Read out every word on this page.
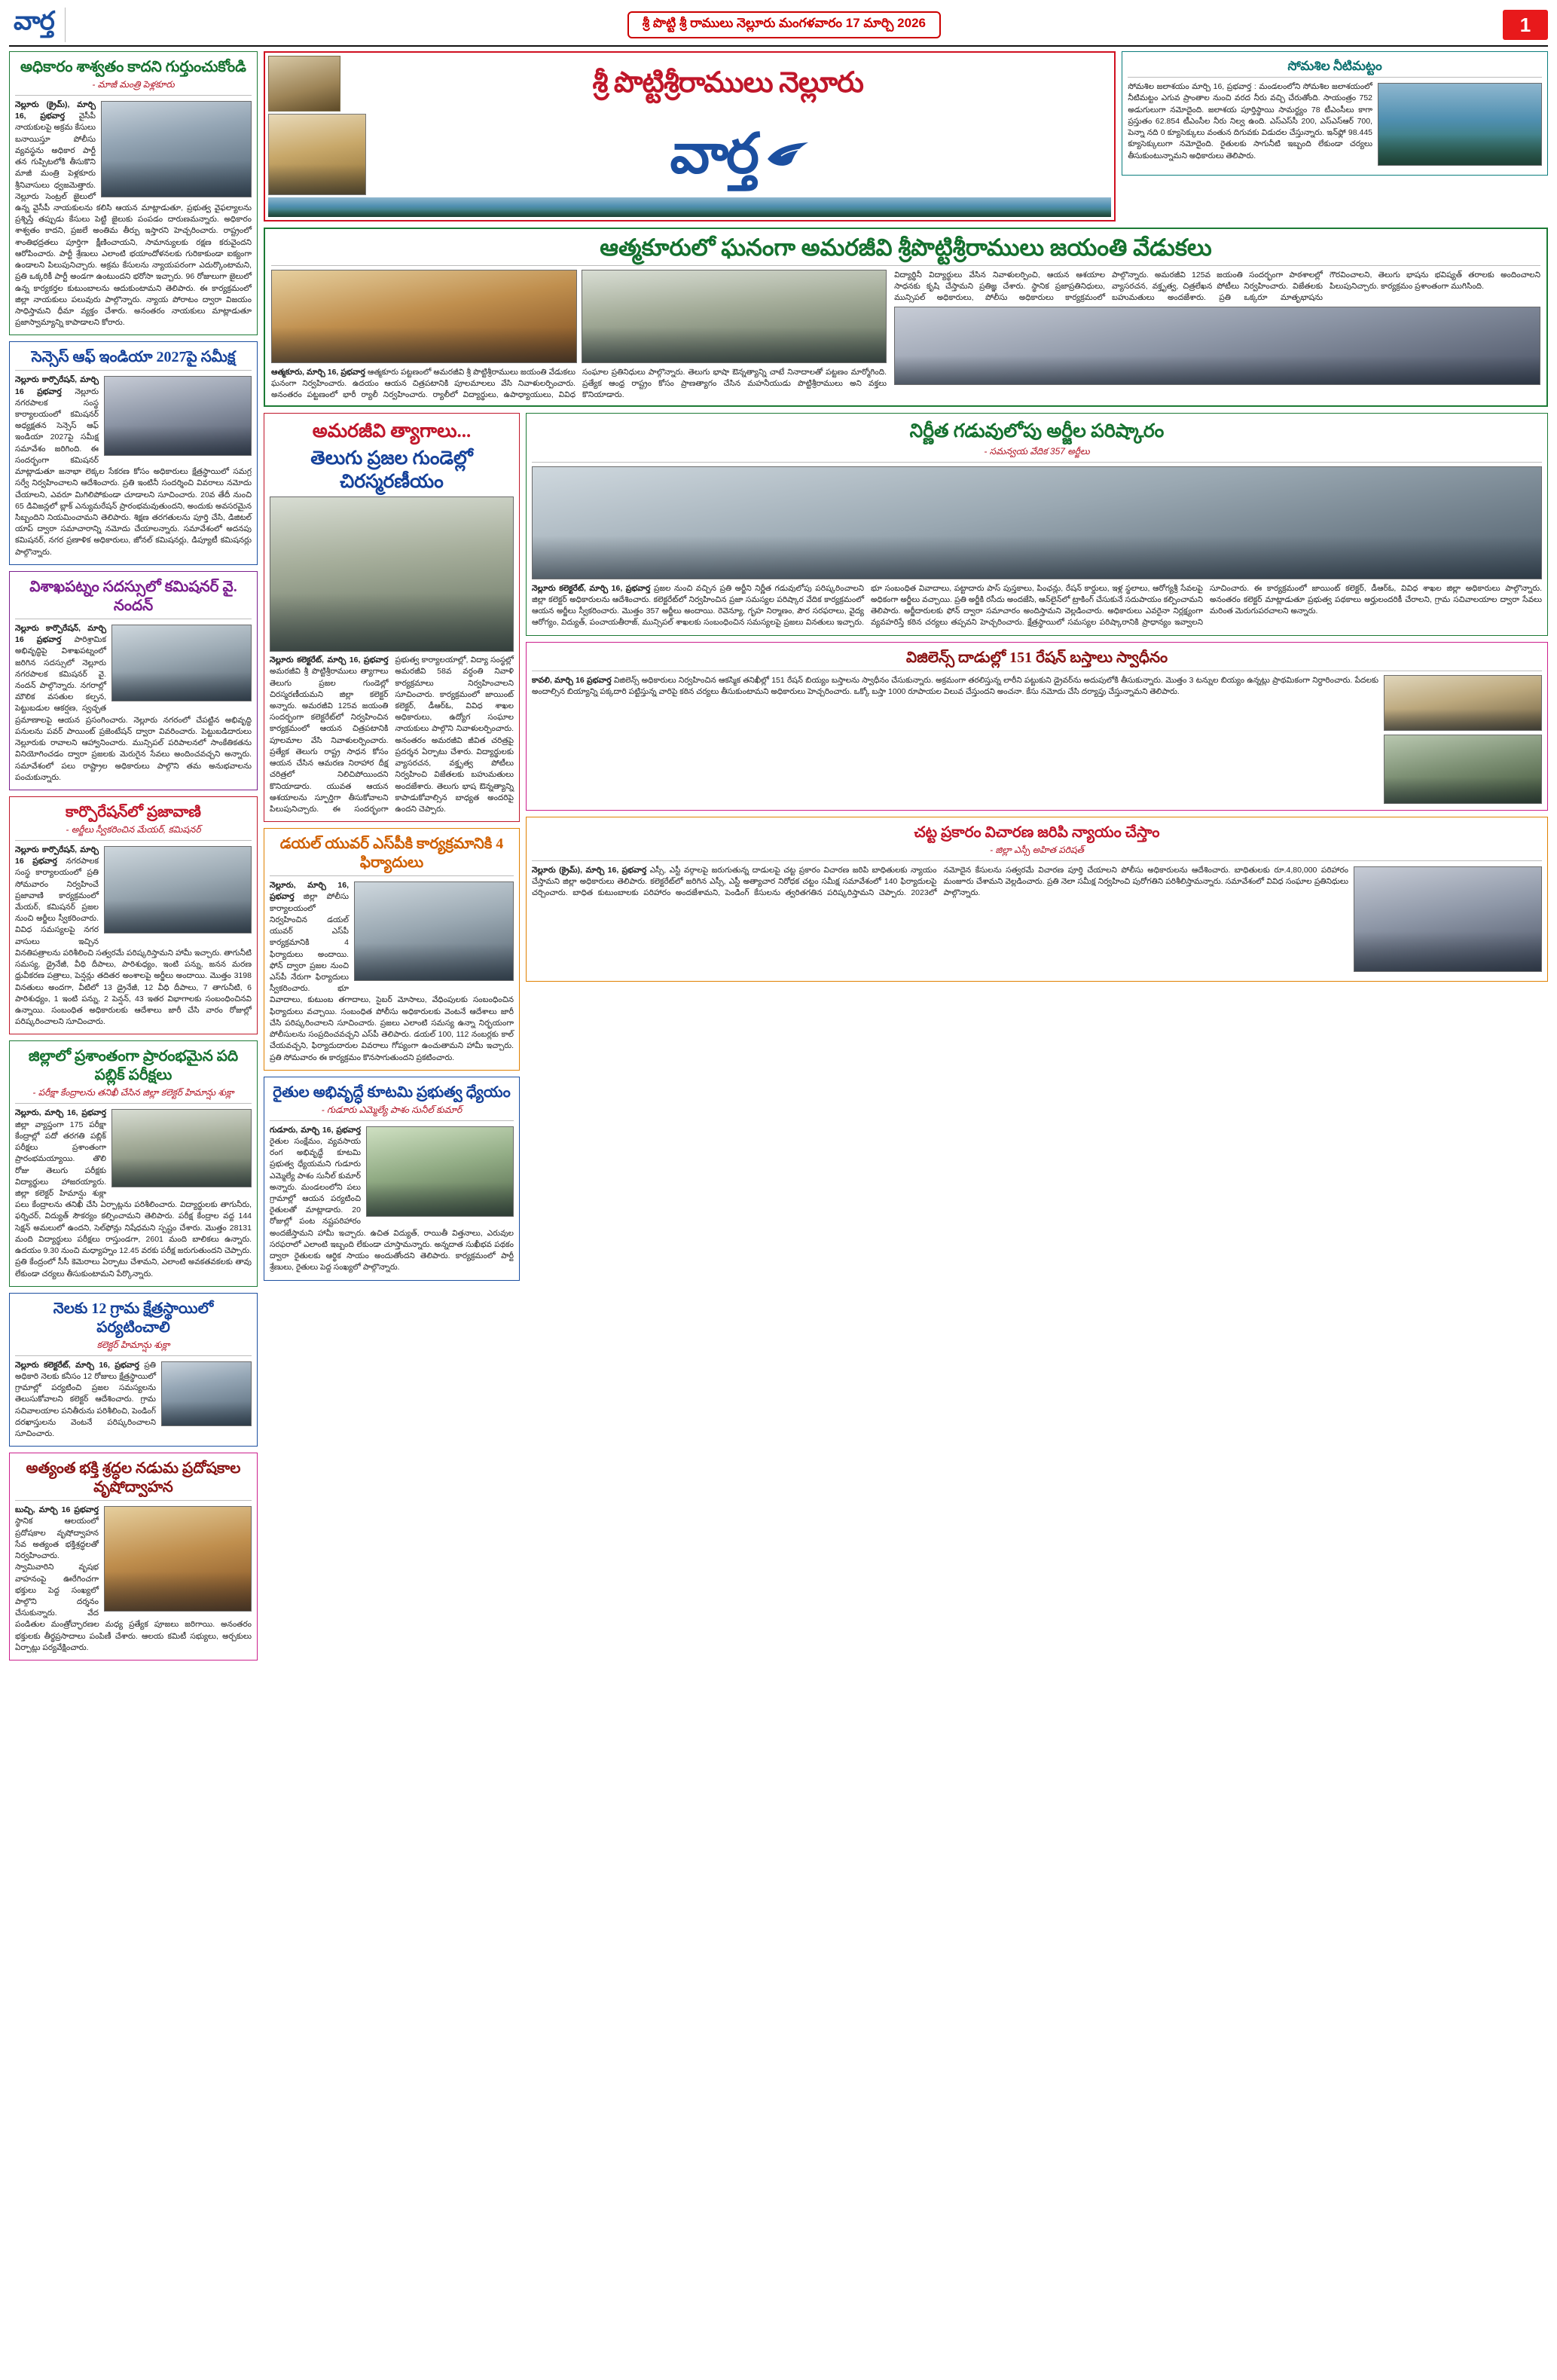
వార్త	శ్రీ పొట్టి శ్రీ రాములు నెల్లూరు మంగళవారం 17 మార్చి 2026	1
అధికారం శాశ్వతం కాదని గుర్తుంచుకోండి
- మాజీ మంత్రి పెళ్లకూరు
నెల్లూరు (క్రైమ్), మార్చి 16, ప్రభవార్త వైసీపీ నాయకులపై అక్రమ కేసులు బనాయిస్తూ పోలీసు వ్యవస్థను అధికార పార్టీ తన గుప్పిటలోకి తీసుకొని మాజీ మంత్రి పెళ్లకూరు శ్రీనివాసులు ధ్వజమెత్తారు. నెల్లూరు సెంట్రల్ జైలులో ఉన్న వైసీపీ నాయకులను కలిసి ఆయన మాట్లాడుతూ, ప్రభుత్వ వైఫల్యాలను ప్రశ్నిస్తే తప్పుడు కేసులు పెట్టి జైలుకు పంపడం దారుణమన్నారు. అధికారం శాశ్వతం కాదని, ప్రజలే అంతిమ తీర్పు ఇస్తారని హెచ్చరించారు. రాష్ట్రంలో శాంతిభద్రతలు పూర్తిగా క్షీణించాయని, సామాన్యులకు రక్షణ కరువైందని ఆరోపించారు. పార్టీ శ్రేణులు ఎలాంటి భయాందోళనలకు గురికాకుండా ఐక్యంగా ఉండాలని పిలుపునిచ్చారు. అక్రమ కేసులను న్యాయపరంగా ఎదుర్కొంటామని, ప్రతి ఒక్కరికీ పార్టీ అండగా ఉంటుందని భరోసా ఇచ్చారు. 96 రోజులుగా జైలులో ఉన్న కార్యకర్తల కుటుంబాలను ఆదుకుంటామని తెలిపారు. ఈ కార్యక్రమంలో జిల్లా నాయకులు పలువురు పాల్గొన్నారు. న్యాయ పోరాటం ద్వారా విజయం సాధిస్తామని ధీమా వ్యక్తం చేశారు. అనంతరం నాయకులు మాట్లాడుతూ ప్రజాస్వామ్యాన్ని కాపాడాలని కోరారు.
సెన్సెస్ ఆఫ్ ఇండియా 2027పై సమీక్ష
నెల్లూరు కార్పొరేషన్, మార్చి 16 ప్రభవార్త నెల్లూరు నగరపాలక సంస్థ కార్యాలయంలో కమిషనర్ అధ్యక్షతన సెన్సెస్ ఆఫ్ ఇండియా 2027పై సమీక్ష సమావేశం జరిగింది. ఈ సందర్భంగా కమిషనర్ మాట్లాడుతూ జనాభా లెక్కల సేకరణ కోసం అధికారులు క్షేత్రస్థాయిలో సమగ్ర సర్వే నిర్వహించాలని ఆదేశించారు. ప్రతి ఇంటినీ సందర్శించి వివరాలు నమోదు చేయాలని, ఎవరూ మిగిలిపోకుండా చూడాలని సూచించారు. 20వ తేదీ నుంచి 65 డివిజన్లలో బ్లాక్ ఎన్యుమరేషన్ ప్రారంభమవుతుందని, అందుకు అవసరమైన సిబ్బందిని నియమించామని తెలిపారు. శిక్షణ తరగతులను పూర్తి చేసి, డిజిటల్ యాప్ ద్వారా సమాచారాన్ని నమోదు చేయాలన్నారు. సమావేశంలో అదనపు కమిషనర్, నగర ప్రణాళిక అధికారులు, జోనల్ కమిషనర్లు, డిప్యూటీ కమిషనర్లు పాల్గొన్నారు.
విశాఖపట్నం సదస్సులో కమిషనర్ వై. నందన్
నెల్లూరు కార్పొరేషన్, మార్చి 16 ప్రభవార్త పారిశ్రామిక అభివృద్ధిపై విశాఖపట్నంలో జరిగిన సదస్సులో నెల్లూరు నగరపాలక కమిషనర్ వై. నందన్ పాల్గొన్నారు. నగరాల్లో మౌలిక వసతుల కల్పన, పెట్టుబడుల ఆకర్షణ, స్వచ్ఛత ప్రమాణాలపై ఆయన ప్రసంగించారు. నెల్లూరు నగరంలో చేపట్టిన అభివృద్ధి పనులను పవర్ పాయింట్ ప్రజెంటేషన్ ద్వారా వివరించారు. పెట్టుబడిదారులు నెల్లూరుకు రావాలని ఆహ్వానించారు. మున్సిపల్ పరిపాలనలో సాంకేతికతను వినియోగించడం ద్వారా ప్రజలకు మెరుగైన సేవలు అందించవచ్చని అన్నారు. సమావేశంలో పలు రాష్ట్రాల అధికారులు పాల్గొని తమ అనుభవాలను పంచుకున్నారు.
కార్పొరేషన్‌లో ప్రజావాణి
- అర్జీలు స్వీకరించిన మేయర్, కమిషనర్
నెల్లూరు కార్పొరేషన్, మార్చి 16 ప్రభవార్త నగరపాలక సంస్థ కార్యాలయంలో ప్రతి సోమవారం నిర్వహించే ప్రజావాణి కార్యక్రమంలో మేయర్, కమిషనర్ ప్రజల నుంచి అర్జీలు స్వీకరించారు. వివిధ సమస్యలపై నగర వాసులు ఇచ్చిన వినతిపత్రాలను పరిశీలించి సత్వరమే పరిష్కరిస్తామని హామీ ఇచ్చారు. తాగునీటి సమస్య, డ్రైనేజీ, వీధి దీపాలు, పారిశుధ్యం, ఇంటి పన్ను, జనన మరణ ధ్రువీకరణ పత్రాలు, పెన్షన్లు తదితర అంశాలపై అర్జీలు అందాయి. మొత్తం 3198 వినతులు అందగా, వీటిలో 13 డ్రైనేజీ, 12 వీధి దీపాలు, 7 తాగునీటి, 6 పారిశుధ్యం, 1 ఇంటి పన్ను, 2 పెన్షన్, 43 ఇతర విభాగాలకు సంబంధించినవి ఉన్నాయి. సంబంధిత అధికారులకు ఆదేశాలు జారీ చేసి వారం రోజుల్లో పరిష్కరించాలని సూచించారు.
జిల్లాలో ప్రశాంతంగా ప్రారంభమైన పది పబ్లిక్ పరీక్షలు
- పరీక్షా కేంద్రాలను తనిఖీ చేసిన జిల్లా కలెక్టర్ హిమాన్షు శుక్లా
నెల్లూరు, మార్చి 16, ప్రభవార్త జిల్లా వ్యాప్తంగా 175 పరీక్షా కేంద్రాల్లో పదో తరగతి పబ్లిక్ పరీక్షలు ప్రశాంతంగా ప్రారంభమయ్యాయి. తొలి రోజు తెలుగు పరీక్షకు విద్యార్థులు హాజరయ్యారు. జిల్లా కలెక్టర్ హిమాన్షు శుక్లా పలు కేంద్రాలను తనిఖీ చేసి ఏర్పాట్లను పరిశీలించారు. విద్యార్థులకు తాగునీరు, ఫర్నిచర్, విద్యుత్ సౌకర్యం కల్పించామని తెలిపారు. పరీక్ష కేంద్రాల వద్ద 144 సెక్షన్ అమలులో ఉందని, సెల్‌ఫోన్లు నిషేధమని స్పష్టం చేశారు. మొత్తం 28131 మంది విద్యార్థులు పరీక్షలు రాస్తుండగా, 2601 మంది బాలికలు ఉన్నారు. ఉదయం 9.30 నుంచి మధ్యాహ్నం 12.45 వరకు పరీక్ష జరుగుతుందని చెప్పారు. ప్రతి కేంద్రంలో సీసీ కెమెరాలు ఏర్పాటు చేశామని, ఎలాంటి అవకతవకలకు తావు లేకుండా చర్యలు తీసుకుంటామని పేర్కొన్నారు.
నెలకు 12 గ్రామ క్షేత్రస్థాయిలో పర్యటించాలి
కలెక్టర్ హిమాన్షు శుక్లా
నెల్లూరు కలెక్టరేట్, మార్చి 16, ప్రభవార్త ప్రతి అధికారి నెలకు కనీసం 12 రోజులు క్షేత్రస్థాయిలో గ్రామాల్లో పర్యటించి ప్రజల సమస్యలను తెలుసుకోవాలని కలెక్టర్ ఆదేశించారు. గ్రామ సచివాలయాల పనితీరును పరిశీలించి, పెండింగ్ దరఖాస్తులను వెంటనే పరిష్కరించాలని సూచించారు.
అత్యంత భక్తి శ్రద్ధల నడుమ ప్రదోషకాల వృషోద్వాహన
బుచ్చి, మార్చి 16 ప్రభవార్త స్థానిక ఆలయంలో ప్రదోషకాల వృషోద్వాహన సేవ అత్యంత భక్తిశ్రద్ధలతో నిర్వహించారు. స్వామివారిని వృషభ వాహనంపై ఊరేగించగా భక్తులు పెద్ద సంఖ్యలో పాల్గొని దర్శనం చేసుకున్నారు. వేద పండితుల మంత్రోచ్ఛారణల మధ్య ప్రత్యేక పూజలు జరిగాయి. అనంతరం భక్తులకు తీర్థప్రసాదాలు పంపిణీ చేశారు. ఆలయ కమిటీ సభ్యులు, అర్చకులు ఏర్పాట్లు పర్యవేక్షించారు.
శ్రీ పొట్టిశ్రీరాములు నెల్లూరు
వార్త
సోమశిల నీటిమట్టం
సోమశిల జలాశయం మార్చి 16, ప్రభవార్త : మండలంలోని సోమశిల జలాశయంలో నీటిమట్టం ఎగువ ప్రాంతాల నుంచి వరద నీరు వచ్చి చేరుతోంది. సాయంత్రం 752 అడుగులుగా నమోదైంది. జలాశయ పూర్తిస్థాయి సామర్థ్యం 78 టీఎంసీలు కాగా ప్రస్తుతం 62.854 టీఎంసీల నీరు నిల్వ ఉంది. ఎస్‌ఎస్‌సీ 200, ఎస్‌ఎస్‌ఆర్ 700, పెన్నా నది 0 క్యూసెక్కులు వంతున దిగువకు విడుదల చేస్తున్నారు. ఇన్‌ఫ్లో 98.445 క్యూసెక్కులుగా నమోదైంది. రైతులకు సాగునీటి ఇబ్బంది లేకుండా చర్యలు తీసుకుంటున్నామని అధికారులు తెలిపారు.
ఆత్మకూరులో ఘనంగా అమరజీవి శ్రీపొట్టిశ్రీరాములు జయంతి వేడుకలు
ఆత్మకూరు, మార్చి 16, ప్రభవార్త ఆత్మకూరు పట్టణంలో అమరజీవి శ్రీ పొట్టిశ్రీరాములు జయంతి వేడుకలు ఘనంగా నిర్వహించారు. ఉదయం ఆయన చిత్రపటానికి పూలమాలలు వేసి నివాళులర్పించారు. అనంతరం పట్టణంలో భారీ ర్యాలీ నిర్వహించారు. ర్యాలీలో విద్యార్థులు, ఉపాధ్యాయులు, వివిధ సంఘాల ప్రతినిధులు పాల్గొన్నారు. తెలుగు భాషా ఔన్నత్యాన్ని చాటే నినాదాలతో పట్టణం మార్మోగింది. ప్రత్యేక ఆంధ్ర రాష్ట్రం కోసం ప్రాణత్యాగం చేసిన మహనీయుడు పొట్టిశ్రీరాములు అని వక్తలు కొనియాడారు.
విద్యార్థినీ విద్యార్థులు వేసిన నివాళులర్పించి, ఆయన ఆశయాల సాధనకు కృషి చేస్తామని ప్రతిజ్ఞ చేశారు. స్థానిక ప్రజాప్రతినిధులు, మున్సిపల్ అధికారులు, పోలీసు అధికారులు కార్యక్రమంలో పాల్గొన్నారు. అమరజీవి 125వ జయంతి సందర్భంగా పాఠశాలల్లో వ్యాసరచన, వక్తృత్వ, చిత్రలేఖన పోటీలు నిర్వహించారు. విజేతలకు బహుమతులు అందజేశారు. ప్రతి ఒక్కరూ మాతృభాషను గౌరవించాలని, తెలుగు భాషను భవిష్యత్ తరాలకు అందించాలని పిలుపునిచ్చారు. కార్యక్రమం ప్రశాంతంగా ముగిసింది.
అమరజీవి త్యాగాలు...
తెలుగు ప్రజల గుండెల్లో చిరస్మరణీయం
నెల్లూరు కలెక్టరేట్, మార్చి 16, ప్రభవార్త అమరజీవి శ్రీ పొట్టిశ్రీరాములు త్యాగాలు తెలుగు ప్రజల గుండెల్లో చిరస్మరణీయమని జిల్లా కలెక్టర్ అన్నారు. అమరజీవి 125వ జయంతి సందర్భంగా కలెక్టరేట్‌లో నిర్వహించిన కార్యక్రమంలో ఆయన చిత్రపటానికి పూలమాల వేసి నివాళులర్పించారు. ప్రత్యేక తెలుగు రాష్ట్ర సాధన కోసం ఆయన చేసిన ఆమరణ నిరాహార దీక్ష చరిత్రలో నిలిచిపోయిందని కొనియాడారు. యువత ఆయన ఆశయాలను స్ఫూర్తిగా తీసుకోవాలని పిలుపునిచ్చారు. ఈ సందర్భంగా ప్రభుత్వ కార్యాలయాల్లో, విద్యా సంస్థల్లో అమరజీవి 58వ వర్ధంతి నివాళి కార్యక్రమాలు నిర్వహించాలని సూచించారు. కార్యక్రమంలో జాయింట్ కలెక్టర్, డీఆర్ఓ, వివిధ శాఖల అధికారులు, ఉద్యోగ సంఘాల నాయకులు పాల్గొని నివాళులర్పించారు. అనంతరం అమరజీవి జీవిత చరిత్రపై ప్రదర్శన ఏర్పాటు చేశారు. విద్యార్థులకు వ్యాసరచన, వక్తృత్వ పోటీలు నిర్వహించి విజేతలకు బహుమతులు అందజేశారు. తెలుగు భాష ఔన్నత్యాన్ని కాపాడుకోవాల్సిన బాధ్యత అందరిపై ఉందని చెప్పారు.
డయల్ యువర్ ఎస్‌పీకి కార్యక్రమానికి 4 ఫిర్యాదులు
నెల్లూరు, మార్చి 16, ప్రభవార్త జిల్లా పోలీసు కార్యాలయంలో నిర్వహించిన డయల్ యువర్ ఎస్‌పీ కార్యక్రమానికి 4 ఫిర్యాదులు అందాయి. ఫోన్ ద్వారా ప్రజల నుంచి ఎస్‌పీ నేరుగా ఫిర్యాదులు స్వీకరించారు. భూ వివాదాలు, కుటుంబ తగాదాలు, సైబర్ మోసాలు, వేధింపులకు సంబంధించిన ఫిర్యాదులు వచ్చాయి. సంబంధిత పోలీసు అధికారులకు వెంటనే ఆదేశాలు జారీ చేసి పరిష్కరించాలని సూచించారు. ప్రజలు ఎలాంటి సమస్య ఉన్నా నిర్భయంగా పోలీసులను సంప్రదించవచ్చని ఎస్‌పీ తెలిపారు. డయల్ 100, 112 నంబర్లకు కాల్ చేయవచ్చని, ఫిర్యాదుదారుల వివరాలు గోప్యంగా ఉంచుతామని హామీ ఇచ్చారు. ప్రతి సోమవారం ఈ కార్యక్రమం కొనసాగుతుందని ప్రకటించారు.
రైతుల అభివృద్ధే కూటమి ప్రభుత్వ ధ్యేయం
- గుడూరు ఎమ్మెల్యే పాశం సునీల్ కుమార్
గుడూరు, మార్చి 16, ప్రభవార్త రైతుల సంక్షేమం, వ్యవసాయ రంగ అభివృద్ధే కూటమి ప్రభుత్వ ధ్యేయమని గుడూరు ఎమ్మెల్యే పాశం సునీల్ కుమార్ అన్నారు. మండలంలోని పలు గ్రామాల్లో ఆయన పర్యటించి రైతులతో మాట్లాడారు. 20 రోజుల్లో పంట నష్టపరిహారం అందజేస్తామని హామీ ఇచ్చారు. ఉచిత విద్యుత్, రాయితీ విత్తనాలు, ఎరువుల సరఫరాలో ఎలాంటి ఇబ్బంది లేకుండా చూస్తామన్నారు. అన్నదాత సుఖీభవ పథకం ద్వారా రైతులకు ఆర్థిక సాయం అందుతోందని తెలిపారు. కార్యక్రమంలో పార్టీ శ్రేణులు, రైతులు పెద్ద సంఖ్యలో పాల్గొన్నారు.
నిర్ణీత గడువులోపు అర్జీల పరిష్కారం
- సమన్వయ వేదిక 357 అర్జీలు
నెల్లూరు కలెక్టరేట్, మార్చి 16, ప్రభవార్త ప్రజల నుంచి వచ్చిన ప్రతి అర్జీని నిర్ణీత గడువులోపు పరిష్కరించాలని జిల్లా కలెక్టర్ అధికారులను ఆదేశించారు. కలెక్టరేట్‌లో నిర్వహించిన ప్రజా సమస్యల పరిష్కార వేదిక కార్యక్రమంలో ఆయన అర్జీలు స్వీకరించారు. మొత్తం 357 అర్జీలు అందాయి. రెవెన్యూ, గృహ నిర్మాణం, పౌర సరఫరాలు, వైద్య ఆరోగ్యం, విద్యుత్, పంచాయతీరాజ్, మున్సిపల్ శాఖలకు సంబంధించిన సమస్యలపై ప్రజలు వినతులు ఇచ్చారు. భూ సంబంధిత వివాదాలు, పట్టాదారు పాస్ పుస్తకాలు, పింఛన్లు, రేషన్ కార్డులు, ఇళ్ల స్థలాలు, ఆరోగ్యశ్రీ సేవలపై అధికంగా అర్జీలు వచ్చాయి. ప్రతి అర్జీకి రసీదు అందజేసి, ఆన్‌లైన్‌లో ట్రాకింగ్ చేసుకునే సదుపాయం కల్పించామని తెలిపారు. అర్జీదారులకు ఫోన్ ద్వారా సమాచారం అందిస్తామని వెల్లడించారు. అధికారులు ఎవరైనా నిర్లక్ష్యంగా వ్యవహరిస్తే కఠిన చర్యలు తప్పవని హెచ్చరించారు. క్షేత్రస్థాయిలో సమస్యల పరిష్కారానికి ప్రాధాన్యం ఇవ్వాలని సూచించారు. ఈ కార్యక్రమంలో జాయింట్ కలెక్టర్, డీఆర్ఓ, వివిధ శాఖల జిల్లా అధికారులు పాల్గొన్నారు. అనంతరం కలెక్టర్ మాట్లాడుతూ ప్రభుత్వ పథకాలు అర్హులందరికీ చేరాలని, గ్రామ సచివాలయాల ద్వారా సేవలు మరింత మెరుగుపరచాలని అన్నారు.
విజిలెన్స్ దాడుల్లో 151 రేషన్ బస్తాలు స్వాధీనం
కావలి, మార్చి 16 ప్రభవార్త విజిలెన్స్ అధికారులు నిర్వహించిన ఆకస్మిక తనిఖీల్లో 151 రేషన్ బియ్యం బస్తాలను స్వాధీనం చేసుకున్నారు. అక్రమంగా తరలిస్తున్న లారీని పట్టుకుని డ్రైవర్‌ను అదుపులోకి తీసుకున్నారు. మొత్తం 3 టన్నుల బియ్యం ఉన్నట్లు ప్రాథమికంగా నిర్ధారించారు. పేదలకు అందాల్సిన బియ్యాన్ని పక్కదారి పట్టిస్తున్న వారిపై కఠిన చర్యలు తీసుకుంటామని అధికారులు హెచ్చరించారు. ఒక్కో బస్తా 1000 రూపాయల విలువ చేస్తుందని అంచనా. కేసు నమోదు చేసి దర్యాప్తు చేస్తున్నామని తెలిపారు.
చట్ట ప్రకారం విచారణ జరిపి న్యాయం చేస్తాం
- జిల్లా ఎస్సీ అహిత పరిషత్
నెల్లూరు (క్రైమ్), మార్చి 16, ప్రభవార్త ఎస్సీ, ఎస్టీ వర్గాలపై జరుగుతున్న దాడులపై చట్ట ప్రకారం విచారణ జరిపి బాధితులకు న్యాయం చేస్తామని జిల్లా అధికారులు తెలిపారు. కలెక్టరేట్‌లో జరిగిన ఎస్సీ, ఎస్టీ అత్యాచార నిరోధక చట్టం సమీక్ష సమావేశంలో 140 ఫిర్యాదులపై చర్చించారు. బాధిత కుటుంబాలకు పరిహారం అందజేశామని, పెండింగ్ కేసులను త్వరితగతిన పరిష్కరిస్తామని చెప్పారు. 2023లో నమోదైన కేసులను సత్వరమే విచారణ పూర్తి చేయాలని పోలీసు అధికారులను ఆదేశించారు. బాధితులకు రూ.4,80,000 పరిహారం మంజూరు చేశామని వెల్లడించారు. ప్రతి నెలా సమీక్ష నిర్వహించి పురోగతిని పరిశీలిస్తామన్నారు. సమావేశంలో వివిధ సంఘాల ప్రతినిధులు పాల్గొన్నారు.
